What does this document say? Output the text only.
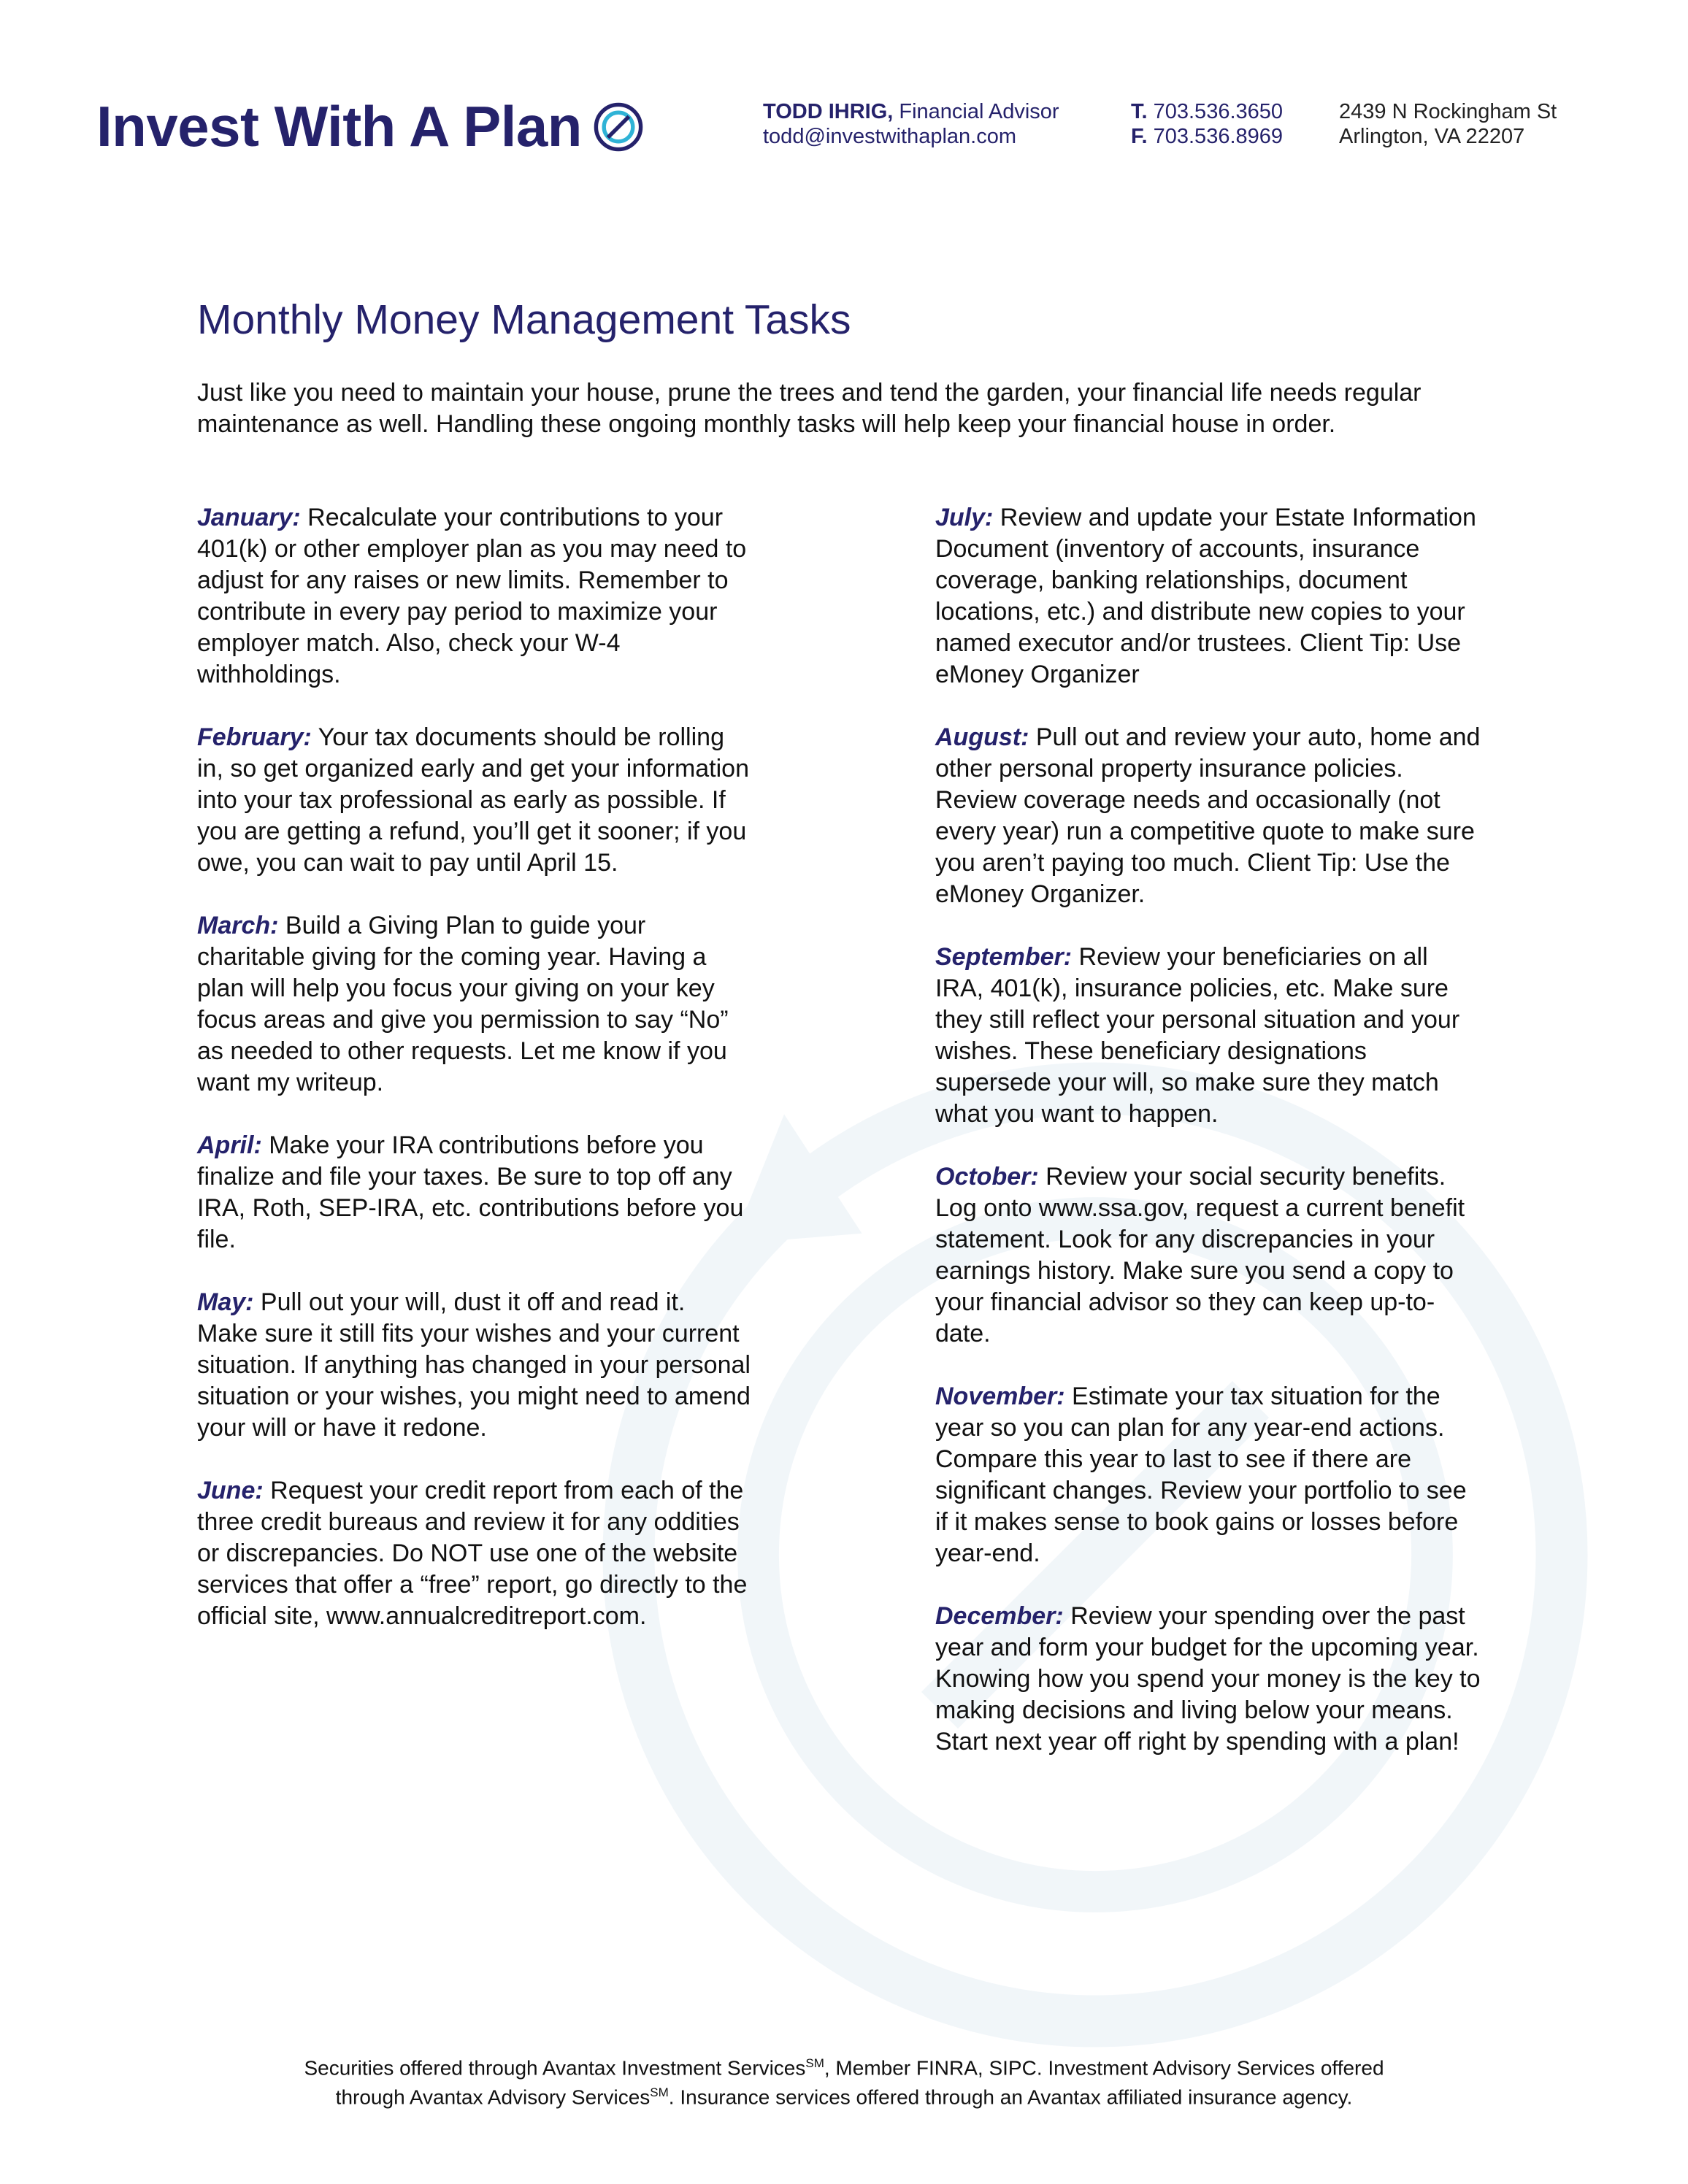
Invest With A Plan	TODD IHRIG, Financial Advisor
todd@investwithaplan.com
T. 703.536.3650
F. 703.536.8969
2439 N Rockingham St
Arlington, VA 22207
Monthly Money Management Tasks

Just like you need to maintain your house, prune the trees and tend the garden, your financial life needs regular maintenance as well. Handling these ongoing monthly tasks will help keep your financial house in order.

January: Recalculate your contributions to your 401(k) or other employer plan as you may need to adjust for any raises or new limits. Remember to contribute in every pay period to maximize your employer match. Also, check your W-4 withholdings.

February: Your tax documents should be rolling in, so get organized early and get your information into your tax professional as early as possible. If you are getting a refund, you’ll get it sooner; if you owe, you can wait to pay until April 15.

March: Build a Giving Plan to guide your charitable giving for the coming year. Having a plan will help you focus your giving on your key focus areas and give you permission to say “No” as needed to other requests. Let me know if you want my writeup.

April: Make your IRA contributions before you finalize and file your taxes. Be sure to top off any IRA, Roth, SEP-IRA, etc. contributions before you file.

May: Pull out your will, dust it off and read it. Make sure it still fits your wishes and your current situation. If anything has changed in your personal situation or your wishes, you might need to amend your will or have it redone.

June: Request your credit report from each of the three credit bureaus and review it for any oddities or discrepancies. Do NOT use one of the website services that offer a “free” report, go directly to the official site, www.annualcreditreport.com.

July: Review and update your Estate Information Document (inventory of accounts, insurance coverage, banking relationships, document locations, etc.) and distribute new copies to your named executor and/or trustees. Client Tip: Use eMoney Organizer

August: Pull out and review your auto, home and other personal property insurance policies. Review coverage needs and occasionally (not every year) run a competitive quote to make sure you aren’t paying too much. Client Tip: Use the eMoney Organizer.

September: Review your beneficiaries on all IRA, 401(k), insurance policies, etc. Make sure they still reflect your personal situation and your wishes. These beneficiary designations supersede your will, so make sure they match what you want to happen.

October: Review your social security benefits. Log onto www.ssa.gov, request a current benefit statement. Look for any discrepancies in your earnings history. Make sure you send a copy to your financial advisor so they can keep up-to-date.

November: Estimate your tax situation for the year so you can plan for any year-end actions. Compare this year to last to see if there are significant changes. Review your portfolio to see if it makes sense to book gains or losses before year-end.

December: Review your spending over the past year and form your budget for the upcoming year. Knowing how you spend your money is the key to making decisions and living below your means. Start next year off right by spending with a plan!

Securities offered through Avantax Investment Services℠, Member FINRA, SIPC. Investment Advisory Services offered
through Avantax Advisory Services℠. Insurance services offered through an Avantax affiliated insurance agency.
